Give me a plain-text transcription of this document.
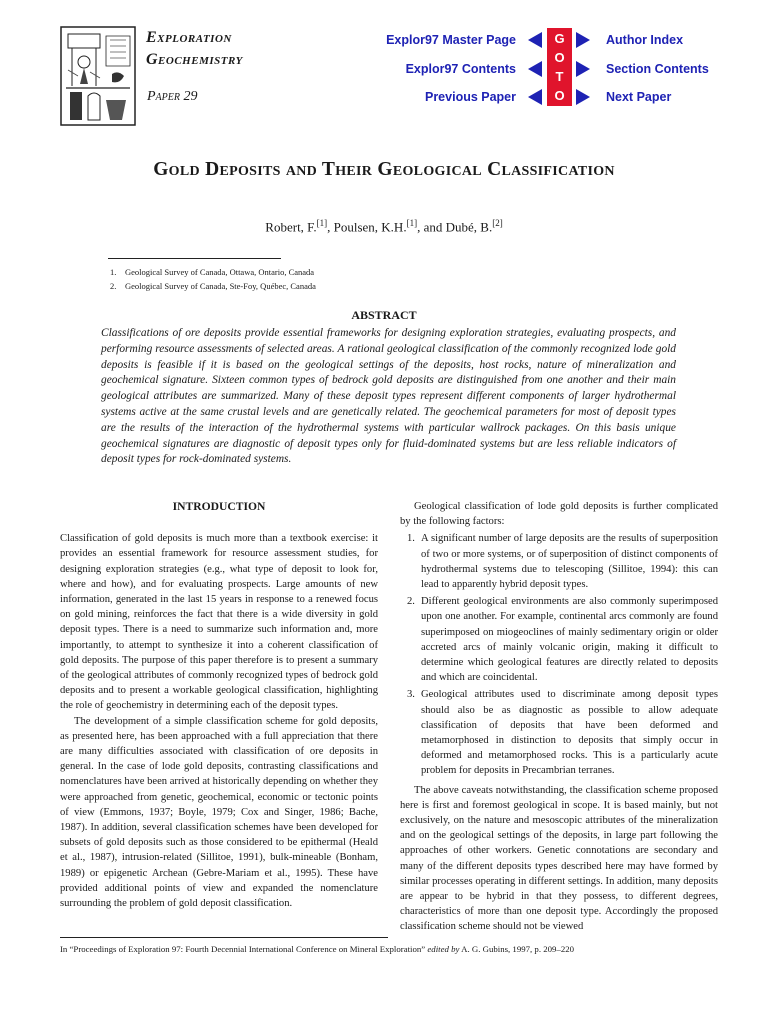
Exploration
Geochemistry
Paper 29
Explor97 Master Page
Explor97 Contents
Previous Paper
G
O
T
O
Author Index
Section Contents
Next Paper
Gold Deposits and Their Geological Classification
Robert, F.[1], Poulsen, K.H.[1], and Dubé, B.[2]
1. Geological Survey of Canada, Ottawa, Ontario, Canada
2. Geological Survey of Canada, Ste-Foy, Québec, Canada
ABSTRACT

Classifications of ore deposits provide essential frameworks for designing exploration strategies, evaluating prospects, and performing resource assessments of selected areas. A rational geological classification of the commonly recognized lode gold deposits is feasible if it is based on the geological settings of the deposits, host rocks, nature of mineralization and geochemical signature. Sixteen common types of bedrock gold deposits are distinguished from one another and their main geological attributes are summarized. Many of these deposit types represent different components of larger hydrothermal systems active at the same crustal levels and are genetically related. The geochemical parameters for most of deposit types are the results of the interaction of the hydrothermal systems with particular wallrock packages. On this basis unique geochemical signatures are diagnostic of deposit types only for fluid-dominated systems but are less reliable indicators of deposit types for rock-dominated systems.

INTRODUCTION

Classification of gold deposits is much more than a textbook exercise: it provides an essential framework for resource assessment studies, for designing exploration strategies (e.g., what type of deposit to look for, where and how), and for evaluating prospects. Large amounts of new information, generated in the last 15 years in response to a renewed focus on gold mining, reinforces the fact that there is a wide diversity in gold deposit types. There is a need to summarize such information and, more importantly, to attempt to synthesize it into a coherent classification of gold deposits. The purpose of this paper therefore is to present a summary of the geological attributes of commonly recognized types of bedrock gold deposits and to present a workable geological classification, highlighting the role of geochemistry in determining each of the deposit types.

The development of a simple classification scheme for gold deposits, as presented here, has been approached with a full appreciation that there are many difficulties associated with classification of ore deposits in general. In the case of lode gold deposits, contrasting classifications and nomenclatures have been arrived at historically depending on whether they were approached from genetic, geochemical, economic or tectonic points of view (Emmons, 1937; Boyle, 1979; Cox and Singer, 1986; Bache, 1987). In addition, several classification schemes have been developed for subsets of gold deposits such as those considered to be epithermal (Heald et al., 1987), intrusion-related (Sillitoe, 1991), bulk-mineable (Bonham, 1989) or epigenetic Archean (Gebre-Mariam et al., 1995). These have provided additional points of view and expanded the nomenclature surrounding the problem of gold deposit classification.

Geological classification of lode gold deposits is further complicated by the following factors:

1. A significant number of large deposits are the results of superposition of two or more systems, or of superposition of distinct components of hydrothermal systems due to telescoping (Sillitoe, 1994): this can lead to apparently hybrid deposit types.
2. Different geological environments are also commonly superimposed upon one another. For example, continental arcs commonly are found superimposed on miogeoclines of mainly sedimentary origin or older accreted arcs of mainly volcanic origin, making it difficult to determine which geological features are directly related to deposits and which are coincidental.
3. Geological attributes used to discriminate among deposit types should also be as diagnostic as possible to allow adequate classification of deposits that have been deformed and metamorphosed in distinction to deposits that simply occur in deformed and metamorphosed rocks. This is a particularly acute problem for deposits in Precambrian terranes.

The above caveats notwithstanding, the classification scheme proposed here is first and foremost geological in scope. It is based mainly, but not exclusively, on the nature and mesoscopic attributes of the mineralization and on the geological settings of the deposits, in large part following the approaches of other workers. Genetic connotations are secondary and many of the different deposits types described here may have formed by similar processes operating in different settings. In addition, many deposits are appear to be hybrid in that they possess, to different degrees, characteristics of more than one deposit type. Accordingly the proposed classification scheme should not be viewed

In “Proceedings of Exploration 97: Fourth Decennial International Conference on Mineral Exploration” edited by A. G. Gubins, 1997, p. 209–220
